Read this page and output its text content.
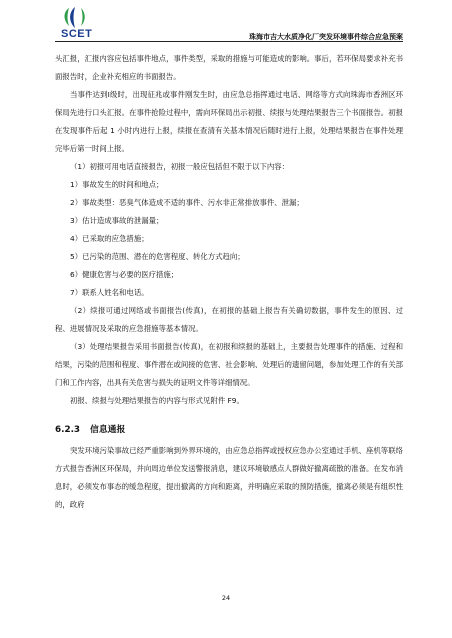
SCET	珠海市吉大水质净化厂突发环境事件综合应急预案

头汇报，汇报内容应包括事件地点，事件类型，采取的措施与可能造成的影响。事后，若环保局要求补充书面报告时，企业补充相应的书面报告。

当事件达到Ⅰ级时，出现征兆或事件刚发生时，由应急总指挥通过电话、网络等方式向珠海市香洲区环保局先进行口头汇报。在事件抢险过程中，需向环保局出示初报、续报与处理结果报告三个书面报告。初报在发现事件后起 1 小时内进行上报，续报在查清有关基本情况后随时进行上报，处理结果报告在事件处理完毕后第一时间上报。

（1）初报可用电话直接报告，初报一般应包括但不限于以下内容：

1）事故发生的时间和地点；

2）事故类型：恶臭气体造成不适的事件、污水非正常排放事件、泄漏；

3）估计造成事故的泄漏量；

4）已采取的应急措施；

5）已污染的范围、潜在的危害程度、转化方式趋向；

6）健康危害与必要的医疗措施；

7）联系人姓名和电话。

（2）续报可通过网络或书面报告(传真)，在初报的基础上报告有关确切数据，事件发生的原因、过程、进展情况及采取的应急措施等基本情况。

（3）处理结果报告采用书面报告(传真)，在初报和续报的基础上，主要报告处理事件的措施、过程和结果，污染的范围和程度、事件潜在或间接的危害、社会影响、处理后的遗留问题，参加处理工作的有关部门和工作内容，出具有关危害与损失的证明文件等详细情况。

初报、续报与处理结果报告的内容与形式见附件 F9。

6.2.3 信息通报

突发环境污染事故已经严重影响到外界环境的，由应急总指挥或授权应急办公室通过手机、座机等联络方式报告香洲区环保局，并向周边单位发送警报消息，建议环境敏感点人群做好撤离疏散的准备。在发布消息时，必须发布事态的缓急程度，提出撤离的方向和距离，并明确应采取的预防措施，撤离必须是有组织性的，政府

24
